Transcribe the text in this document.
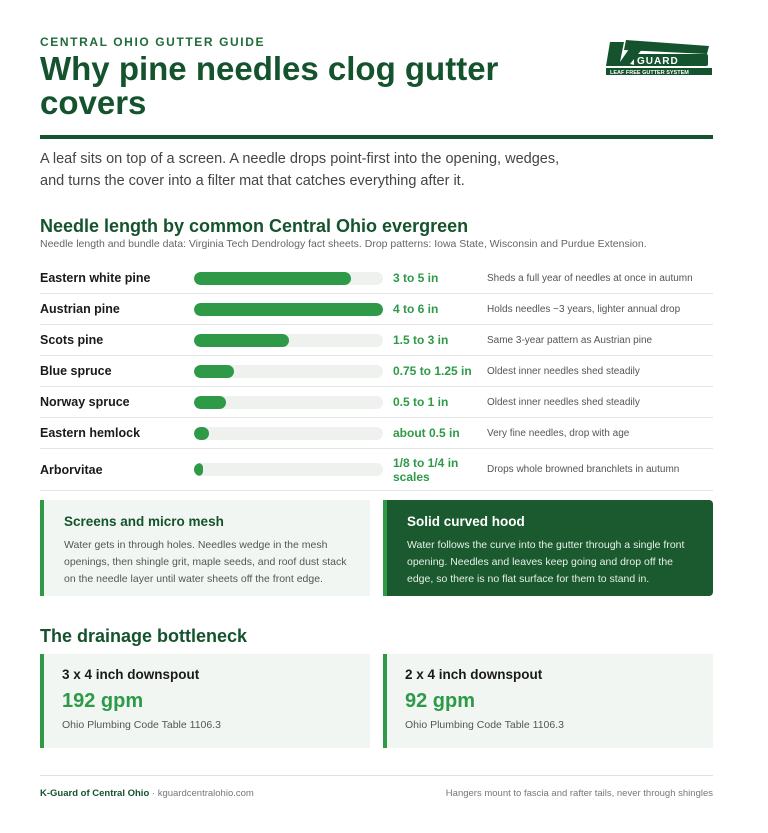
CENTRAL OHIO GUTTER GUIDE
Why pine needles clog gutter covers
GUARD
LEAF FREE GUTTER SYSTEM

A leaf sits on top of a screen. A needle drops point-first into the opening, wedges, and turns the cover into a filter mat that catches everything after it.

Needle length by common Central Ohio evergreen
Needle length and bundle data: Virginia Tech Dendrology fact sheets. Drop patterns: Iowa State, Wisconsin and Purdue Extension.
Eastern white pine	3 to 5 in	Sheds a full year of needles at once in autumn
Austrian pine	4 to 6 in	Holds needles ~3 years, lighter annual drop
Scots pine	1.5 to 3 in	Same 3-year pattern as Austrian pine
Blue spruce	0.75 to 1.25 in	Oldest inner needles shed steadily
Norway spruce	0.5 to 1 in	Oldest inner needles shed steadily
Eastern hemlock	about 0.5 in	Very fine needles, drop with age
Arborvitae	1/8 to 1/4 in scales	Drops whole browned branchlets in autumn
Screens and micro mesh

Water gets in through holes. Needles wedge in the mesh openings, then shingle grit, maple seeds, and roof dust stack on the needle layer until water sheets off the front edge.

Solid curved hood

Water follows the curve into the gutter through a single front opening. Needles and leaves keep going and drop off the edge, so there is no flat surface for them to stand in.

The drainage bottleneck
3 x 4 inch downspout
192 gpm
Ohio Plumbing Code Table 1106.3
2 x 4 inch downspout
92 gpm
Ohio Plumbing Code Table 1106.3
K-Guard of Central Ohio · kguardcentralohio.com	Hangers mount to fascia and rafter tails, never through shingles
